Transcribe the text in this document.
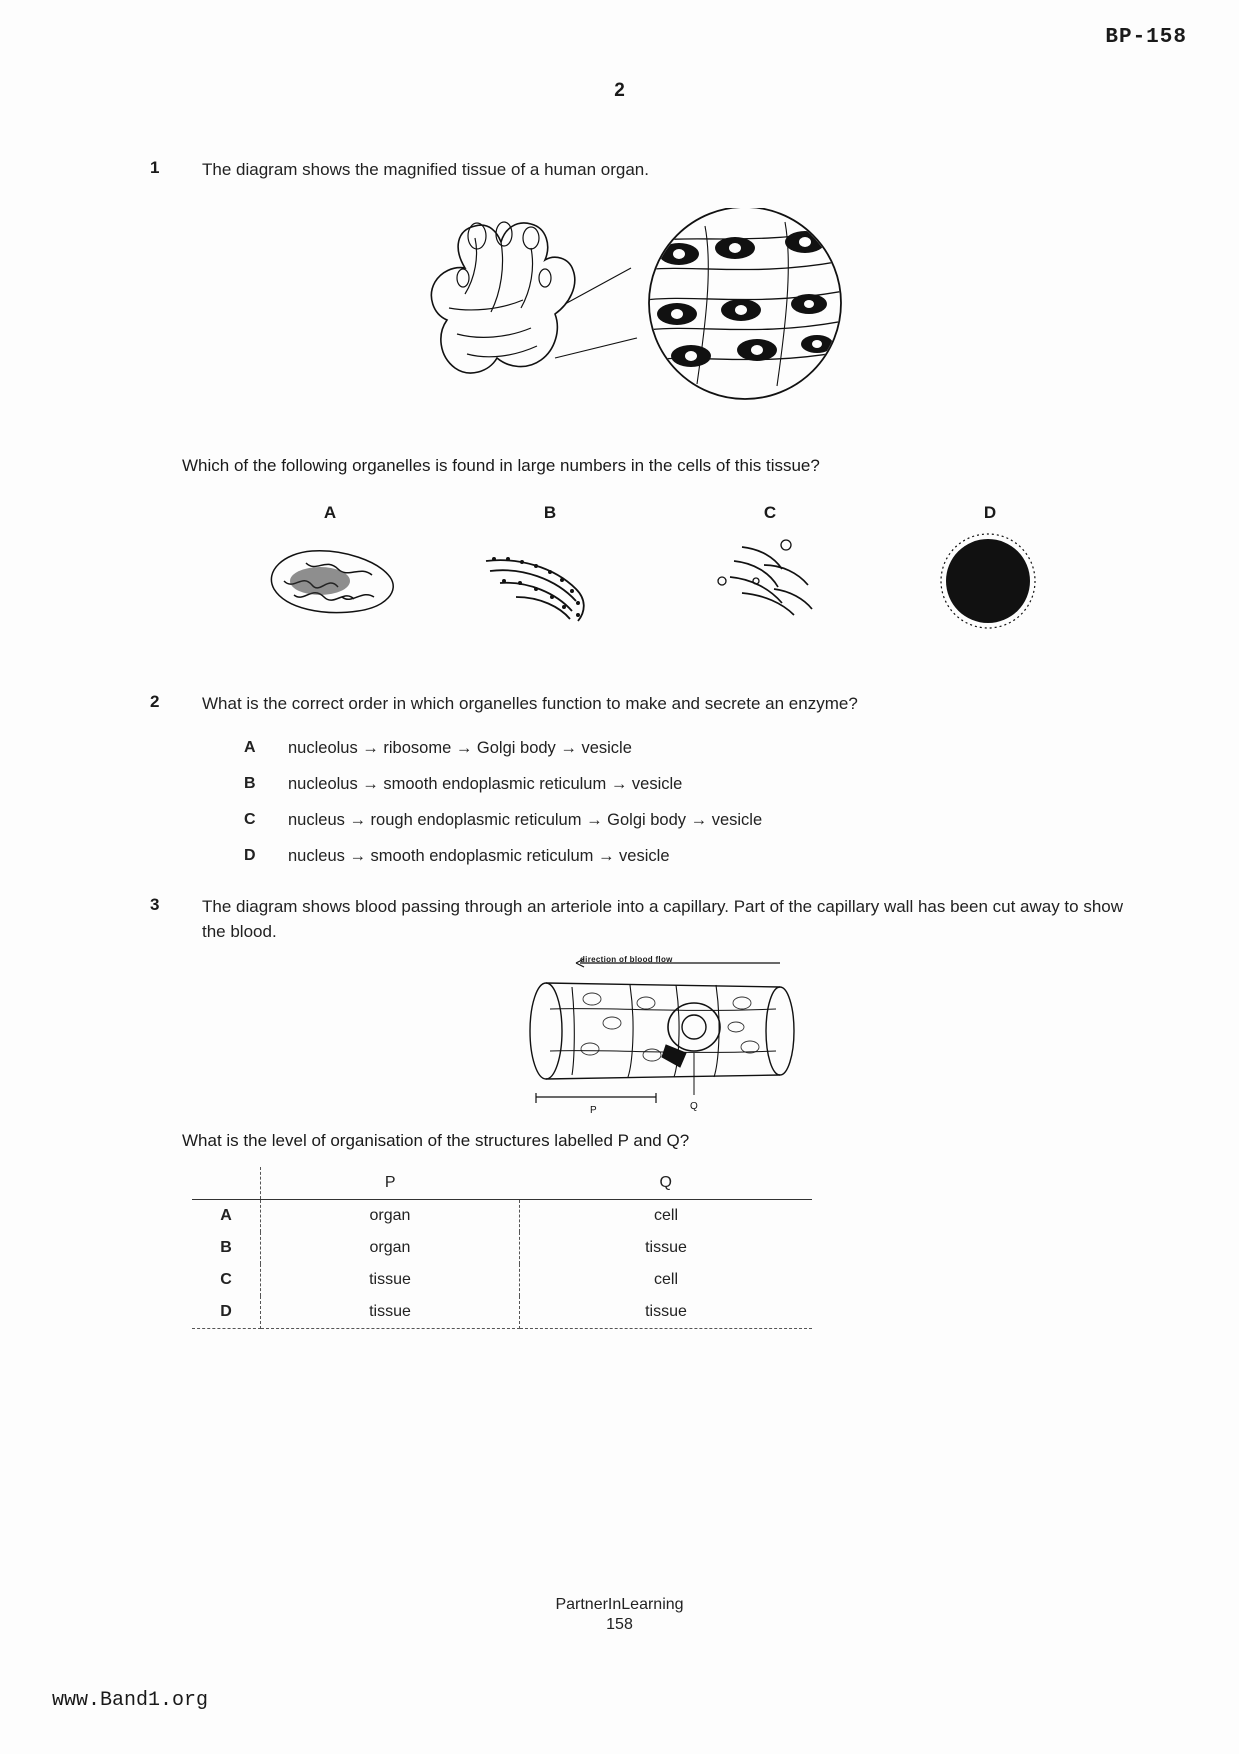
BP-158
2
1	The diagram shows the magnified tissue of a human organ.
Which of the following organelles is found in large numbers in the cells of this tissue?
A	B	C	D
2	What is the correct order in which organelles function to make and secrete an enzyme?
A nucleolus → ribosome → Golgi body → vesicle
B nucleolus → smooth endoplasmic reticulum → vesicle
C nucleus → rough endoplasmic reticulum → Golgi body → vesicle
D nucleus → smooth endoplasmic reticulum → vesicle
3	The diagram shows blood passing through an arteriole into a capillary. Part of the capillary wall has been cut away to show the blood.
direction of blood flow
P	Q
What is the level of organisation of the structures labelled P and Q?
	P	Q
A	organ	cell
B	organ	tissue
C	tissue	cell
D	tissue	tissue
PartnerInLearning
158
www.Band1.org
